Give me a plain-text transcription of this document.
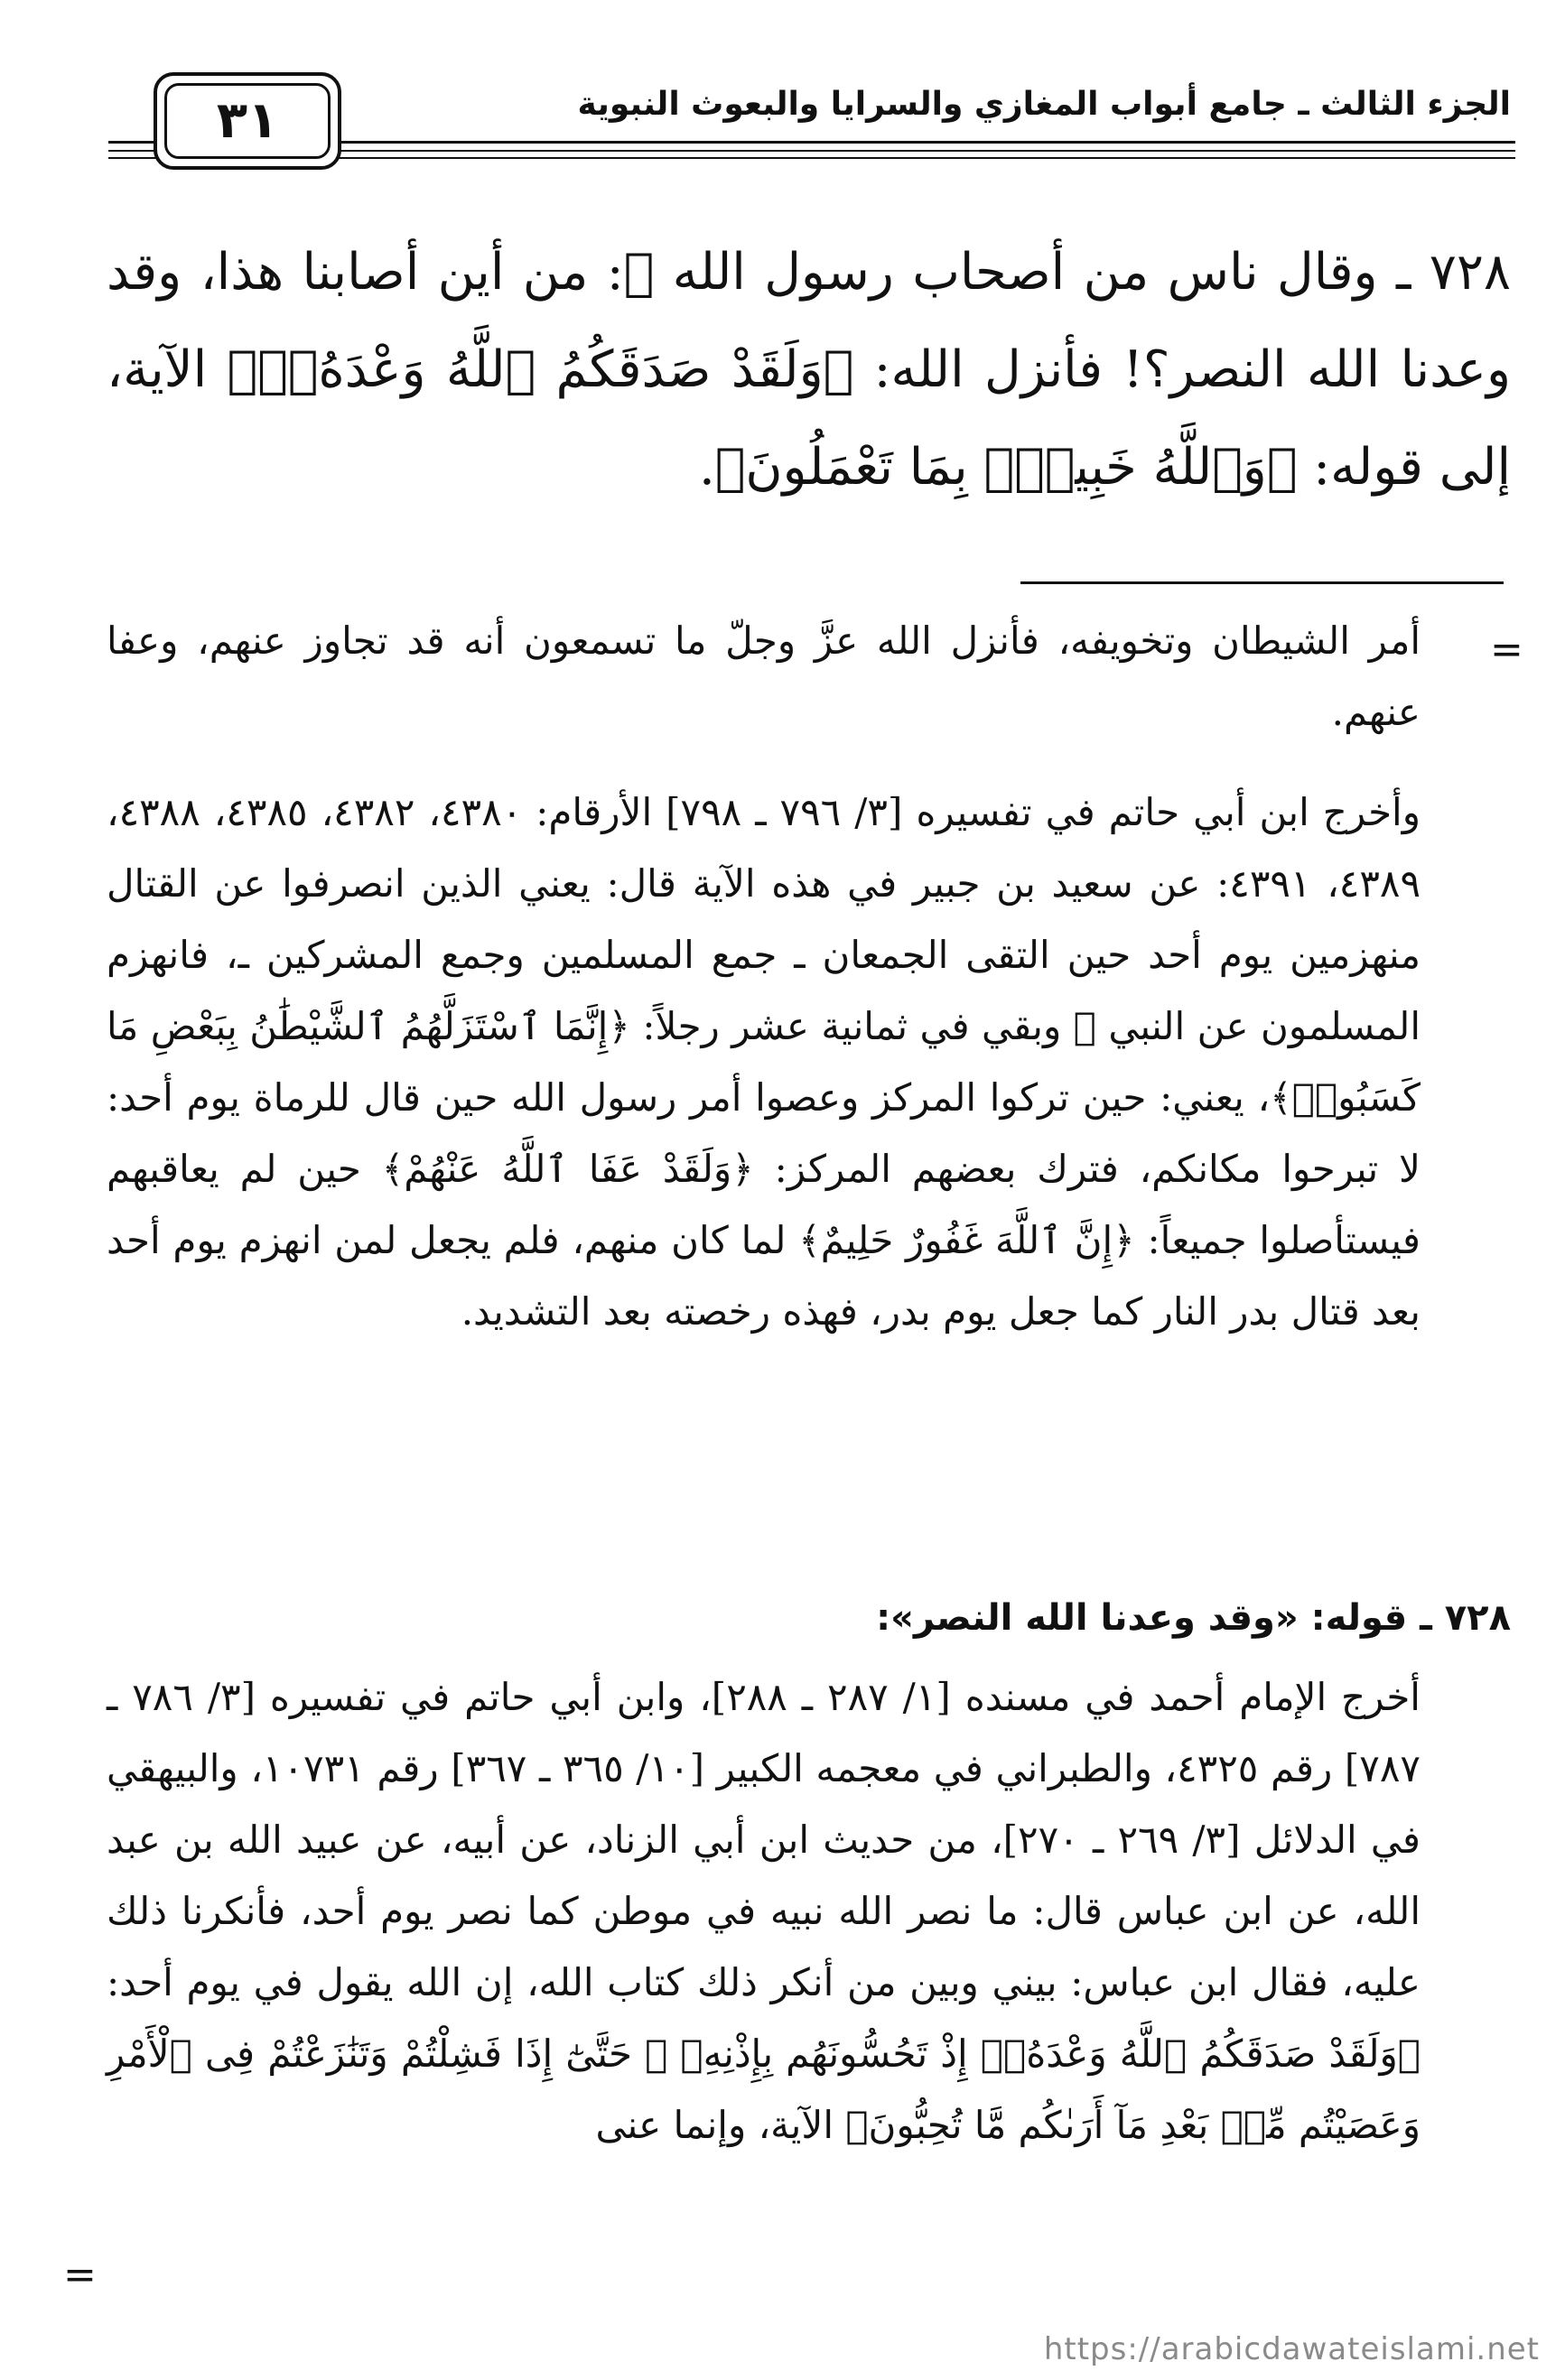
الجزء الثالث ـ جامع أبواب المغازي والسرايا والبعوث النبوية
٣١
٧٢٨ ـ وقال ناس من أصحاب رسول الله ﷺ: من أين أصابنا هذا، وقد وعدنا الله النصر؟! فأنزل الله: ﴿وَلَقَدْ صَدَقَكُمُ ٱللَّهُ وَعْدَهُۥٓ﴾ الآية، إلى قوله: ﴿وَٱللَّهُ خَبِيرٌۢ بِمَا تَعْمَلُونَ﴾.
=
أمر الشيطان وتخويفه، فأنزل الله عزَّ وجلّ ما تسمعون أنه قد تجاوز عنهم، وعفا عنهم.
وأخرج ابن أبي حاتم في تفسيره [٣/ ٧٩٦ ـ ٧٩٨] الأرقام: ٤٣٨٠، ٤٣٨٢، ٤٣٨٥، ٤٣٨٨، ٤٣٨٩، ٤٣٩١: عن سعيد بن جبير في هذه الآية قال: يعني الذين انصرفوا عن القتال منهزمين يوم أحد حين التقى الجمعان ـ جمع المسلمين وجمع المشركين ـ، فانهزم المسلمون عن النبي ﷺ وبقي في ثمانية عشر رجلاً: ﴿إِنَّمَا ٱسْتَزَلَّهُمُ ٱلشَّيْطَٰنُ بِبَعْضِ مَا كَسَبُوا۟﴾، يعني: حين تركوا المركز وعصوا أمر رسول الله حين قال للرماة يوم أحد: لا تبرحوا مكانكم، فترك بعضهم المركز: ﴿وَلَقَدْ عَفَا ٱللَّهُ عَنْهُمْ﴾ حين لم يعاقبهم فيستأصلوا جميعاً: ﴿إِنَّ ٱللَّهَ غَفُورٌ حَلِيمٌ﴾ لما كان منهم، فلم يجعل لمن انهزم يوم أحد بعد قتال بدر النار كما جعل يوم بدر، فهذه رخصته بعد التشديد.
٧٢٨ ـ قوله: «وقد وعدنا الله النصر»:
أخرج الإمام أحمد في مسنده [١/ ٢٨٧ ـ ٢٨٨]، وابن أبي حاتم في تفسيره [٣/ ٧٨٦ ـ ٧٨٧] رقم ٤٣٢٥، والطبراني في معجمه الكبير [١٠/ ٣٦٥ ـ ٣٦٧] رقم ١٠٧٣١، والبيهقي في الدلائل [٣/ ٢٦٩ ـ ٢٧٠]، من حديث ابن أبي الزناد، عن أبيه، عن عبيد الله بن عبد الله، عن ابن عباس قال: ما نصر الله نبيه في موطن كما نصر يوم أحد، فأنكرنا ذلك عليه، فقال ابن عباس: بيني وبين من أنكر ذلك كتاب الله، إن الله يقول في يوم أحد: ﴿وَلَقَدْ صَدَقَكُمُ ٱللَّهُ وَعْدَهُۥٓ إِذْ تَحُسُّونَهُم بِإِذْنِهِۦ ۖ حَتَّىٰٓ إِذَا فَشِلْتُمْ وَتَنَٰزَعْتُمْ فِى ٱلْأَمْرِ وَعَصَيْتُم مِّنۢ بَعْدِ مَآ أَرَىٰكُم مَّا تُحِبُّونَ﴾ الآية، وإنما عنى
=
https://arabicdawateislami.net
